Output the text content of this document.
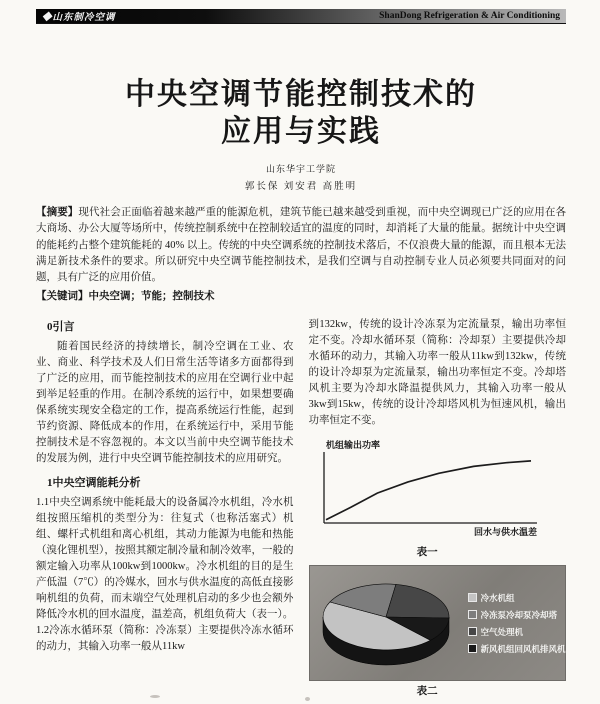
◆山东制冷空调	ShanDong Refrigeration & Air Conditioning
中央空调节能控制技术的
应用与实践
山东华宇工学院
郭长保 刘安君 高胜明

【摘要】现代社会正面临着越来越严重的能源危机，建筑节能已越来越受到重视，而中央空调现已广泛的应用在各大商场、办公大厦等场所中，传统控制系统中在控制较适宜的温度的同时，却消耗了大量的能量。据统计中央空调的能耗约占整个建筑能耗的 40% 以上。传统的中央空调系统的控制技术落后，不仅浪费大量的能源，而且根本无法满足新技术条件的要求。所以研究中央空调节能控制技术，是我们空调与自动控制专业人员必须要共同面对的问题，具有广泛的应用价值。

【关键词】中央空调；节能；控制技术

0引言

随着国民经济的持续增长，制冷空调在工业、农业、商业、科学技术及人们日常生活等诸多方面都得到了广泛的应用，而节能控制技术的应用在空调行业中起到举足轻重的作用。在制冷系统的运行中，如果想要确保系统实现安全稳定的工作，提高系统运行性能，起到节约资源、降低成本的作用，在系统运行中，采用节能控制技术是不容忽视的。本文以当前中央空调节能技术的发展为例，进行中央空调节能控制技术的应用研究。

1中央空调能耗分析

1.1中央空调系统中能耗最大的设备属冷水机组，冷水机组按照压缩机的类型分为：往复式（也称活塞式）机组、螺杆式机组和离心机组，其动力能源为电能和热能（溴化锂机型），按照其额定制冷量和制冷效率，一般的额定输入功率从100kw到1000kw。冷水机组的目的是生产低温（7℃）的冷媒水，回水与供水温度的高低直接影响机组的负荷，而末端空气处理机启动的多少也会额外降低冷水机的回水温度，温差高，机组负荷大（表一）。

1.2冷冻水循环泵（简称：冷冻泵）主要提供冷冻水循环的动力，其输入功率一般从11kw

到132kw，传统的设计冷冻泵为定流量泵，输出功率恒定不变。冷却水循环泵（简称：冷却泵）主要提供冷却水循环的动力，其输入功率一般从11kw到132kw，传统的设计冷却泵为定流量泵，输出功率恒定不变。冷却塔风机主要为冷却水降温提供风力，其输入功率一般从3kw到15kw，传统的设计冷却塔风机为恒速风机，输出功率恒定不变。

机组输出功率
回水与供水温差
表一
冷水机组
冷冻泵冷却泵冷却塔
空气处理机
新风机组回风机排风机
表二
